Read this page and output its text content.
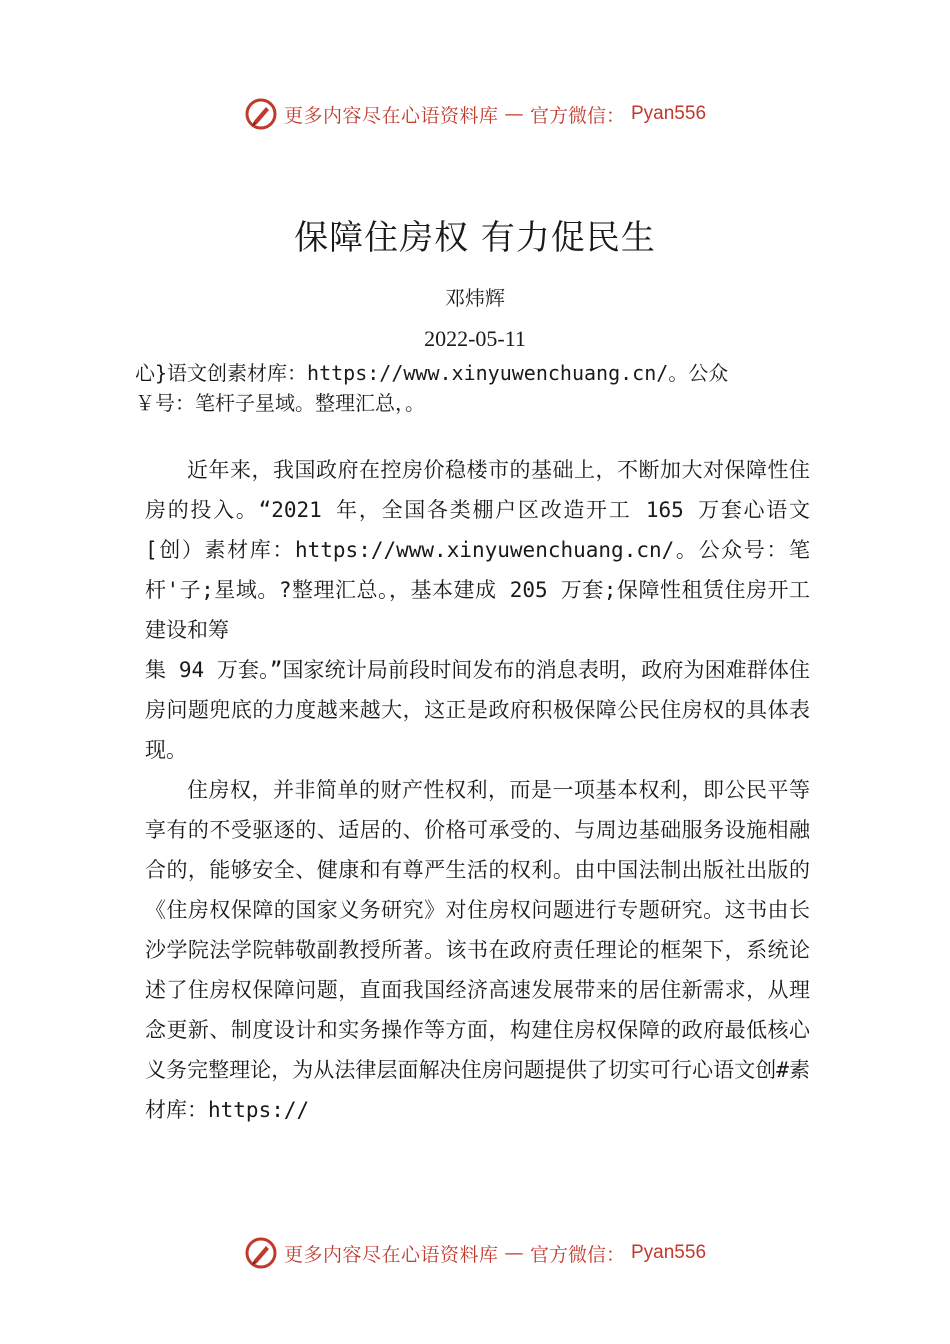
更多内容尽在心语资料库 — 官方微信： Pyan556
保障住房权 有力促民生
邓炜辉
2022-05-11
心}语文创素材库：https://www.xinyuwenchuang.cn/。公众
￥号：笔杆子星域。整理汇总，。

近年来，我国政府在控房价稳楼市的基础上，不断加大对保障性住房的投入。“2021 年，全国各类棚户区改造开工 165 万套心语文[创）素材库：https://www.xinyuwenchuang.cn/。公众号：笔杆'子;星域。?整理汇总。，基本建成 205 万套;保障性租赁住房开工建设和筹

集 94 万套。”国家统计局前段时间发布的消息表明，政府为困难群体住房问题兜底的力度越来越大，这正是政府积极保障公民住房权的具体表现。

住房权，并非简单的财产性权利，而是一项基本权利，即公民平等享有的不受驱逐的、适居的、价格可承受的、与周边基础服务设施相融合的，能够安全、健康和有尊严生活的权利。由中国法制出版社出版的《住房权保障的国家义务研究》对住房权问题进行专题研究。这书由长沙学院法学院韩敬副教授所著。该书在政府责任理论的框架下，系统论述了住房权保障问题，直面我国经济高速发展带来的居住新需求，从理念更新、制度设计和实务操作等方面，构建住房权保障的政府最低核心义务完整理论，为从法律层面解决住房问题提供了切实可行心语文创#素材库：https://

更多内容尽在心语资料库 — 官方微信： Pyan556
